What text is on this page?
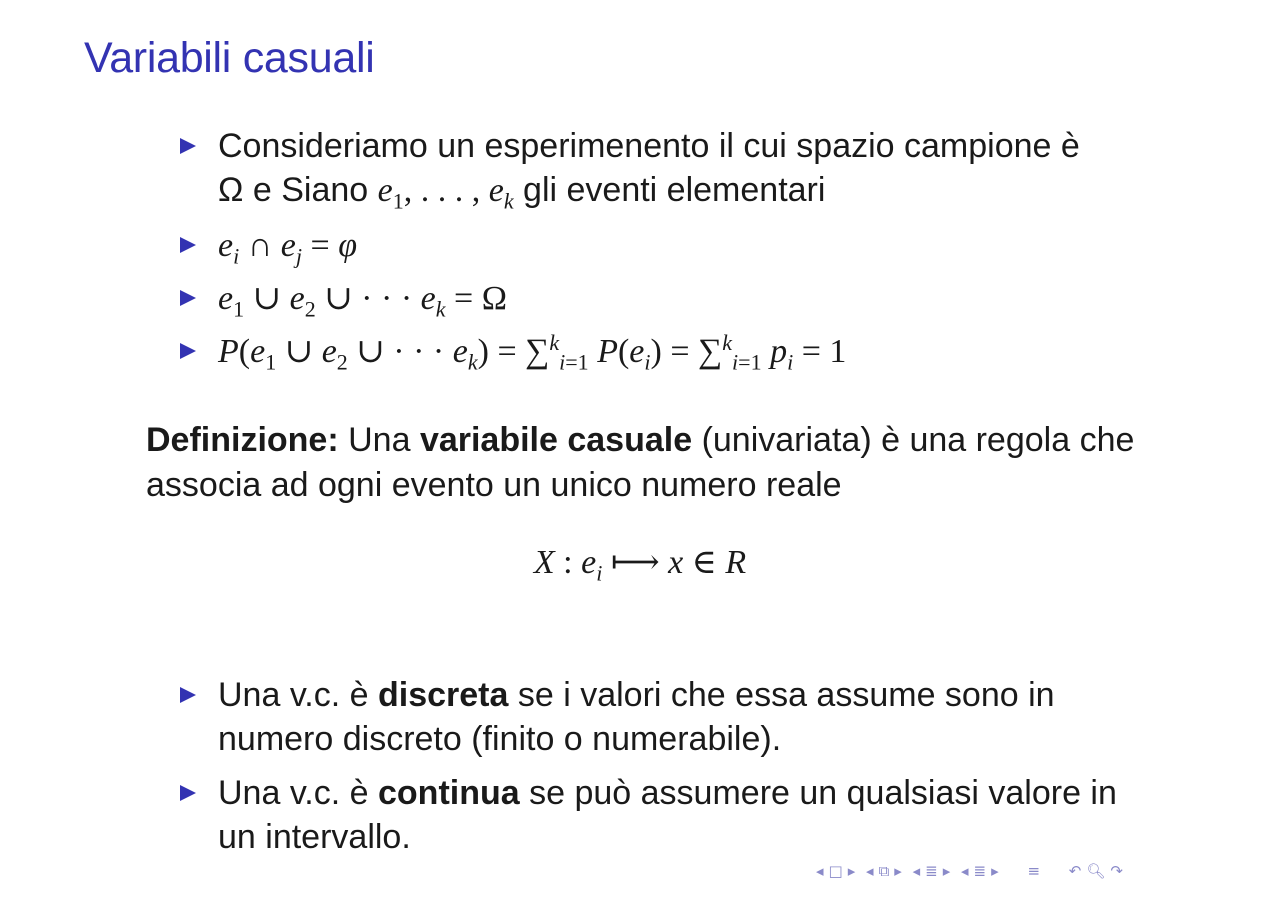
Variabili casuali
Consideriamo un esperimenento il cui spazio campione è
Ω e Siano $e_1$, . . . , $e_k$ gli eventi elementari
$e_i$ ∩ $e_j = \varphi$
$e_1$ ∪ $e_2$ ∪ · · · $e_k = \Omega$
$P(e_1$ ∪ $e_2$ ∪ · · · $e_k) = \sum^k_{i=1}$ $P(e_i) = \sum^k_{i=1}$ $p_i = 1$
Definizione: Una variabile casuale (univariata) è una regola che associa ad ogni evento un unico numero reale
X : $e_i$ ⟼ x ∈ R
Una v.c. è discreta se i valori che essa assume sono in numero discreto (finito o numerabile).
Una v.c. è continua se può assumere un qualsiasi valore in un intervallo.
◂ □ ▸ ◂ ⧉ ▸ ◂ ≣ ▸ ◂ ≣ ▸ ≡ ↶ 🔍︎ ↷
